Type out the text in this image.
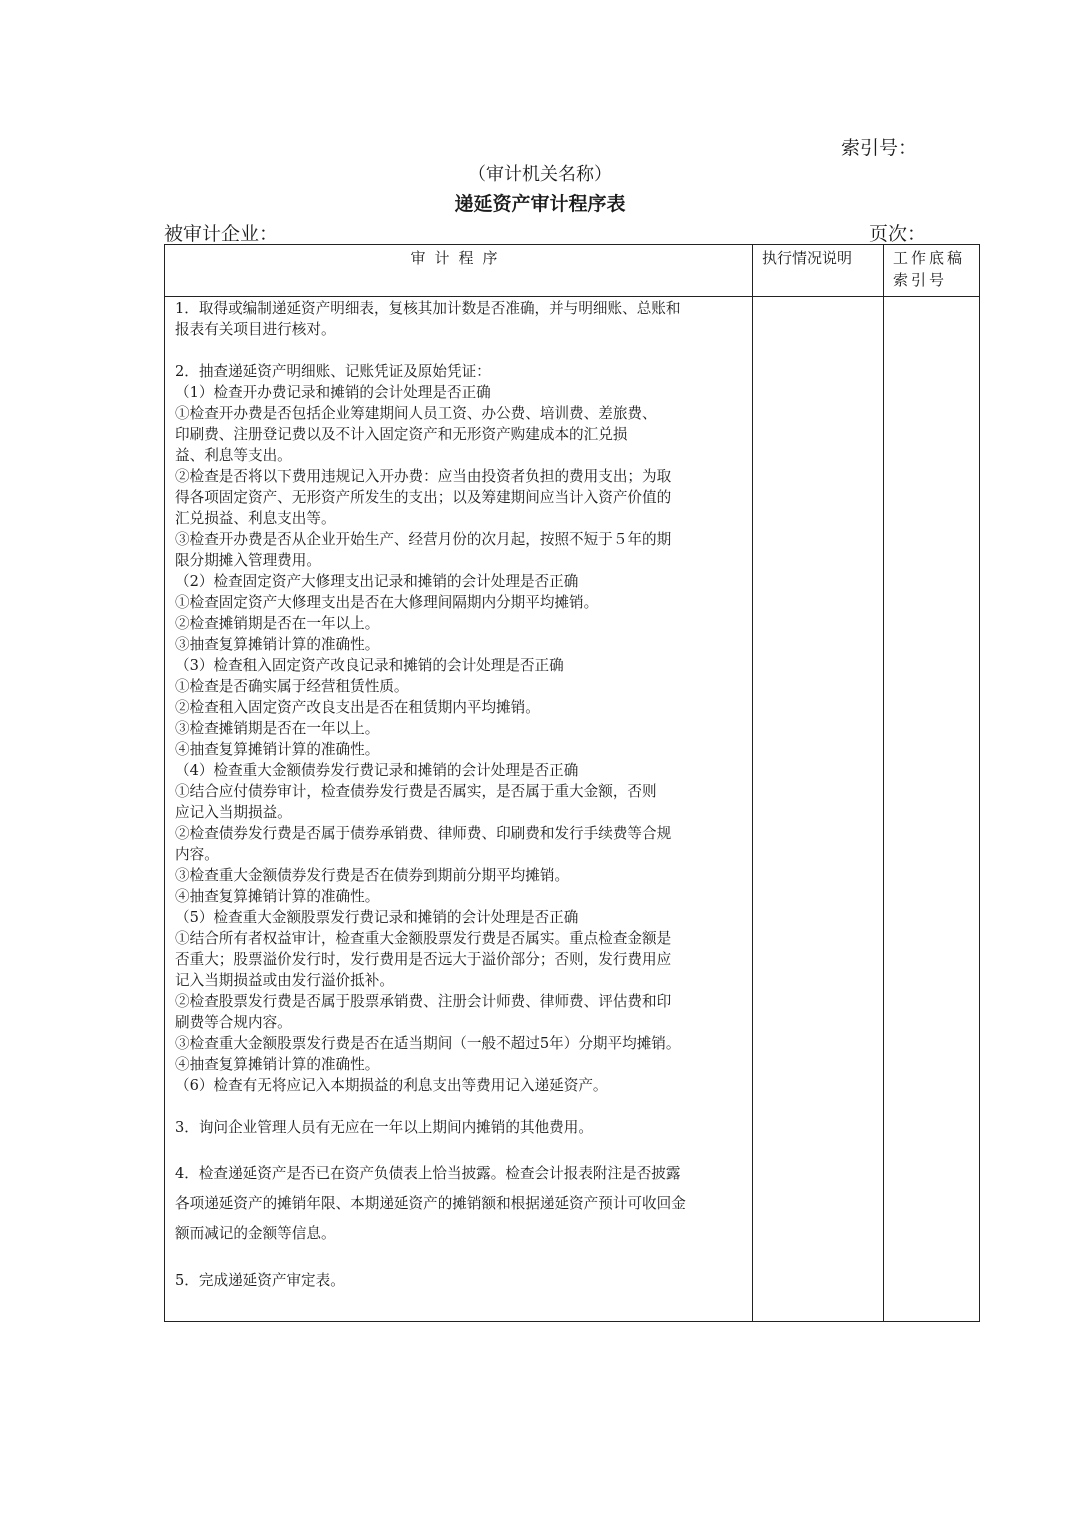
索引号：
（审计机关名称）
递延资产审计程序表
被审计企业：	页次：
审计程序	执行情况说明	工作底稿索引号

1．取得或编制递延资产明细表，复核其加计数是否准确，并与明细账、总账和

报表有关项目进行核对。

2．抽查递延资产明细账、记账凭证及原始凭证：

（1）检查开办费记录和摊销的会计处理是否正确

①检查开办费是否包括企业筹建期间人员工资、办公费、培训费、差旅费、

印刷费、注册登记费以及不计入固定资产和无形资产购建成本的汇兑损

益、利息等支出。

②检查是否将以下费用违规记入开办费：应当由投资者负担的费用支出；为取

得各项固定资产、无形资产所发生的支出；以及筹建期间应当计入资产价值的

汇兑损益、利息支出等。

③检查开办费是否从企业开始生产、经营月份的次月起，按照不短于５年的期

限分期摊入管理费用。

（2）检查固定资产大修理支出记录和摊销的会计处理是否正确

①检查固定资产大修理支出是否在大修理间隔期内分期平均摊销。

②检查摊销期是否在一年以上。

③抽查复算摊销计算的准确性。

（3）检查租入固定资产改良记录和摊销的会计处理是否正确

①检查是否确实属于经营租赁性质。

②检查租入固定资产改良支出是否在租赁期内平均摊销。

③检查摊销期是否在一年以上。

④抽查复算摊销计算的准确性。

（4）检查重大金额债券发行费记录和摊销的会计处理是否正确

①结合应付债券审计，检查债券发行费是否属实，是否属于重大金额，否则

应记入当期损益。

②检查债券发行费是否属于债券承销费、律师费、印刷费和发行手续费等合规

内容。

③检查重大金额债券发行费是否在债券到期前分期平均摊销。

④抽查复算摊销计算的准确性。

（5）检查重大金额股票发行费记录和摊销的会计处理是否正确

①结合所有者权益审计，检查重大金额股票发行费是否属实。重点检查金额是

否重大；股票溢价发行时，发行费用是否远大于溢价部分；否则，发行费用应

记入当期损益或由发行溢价抵补。

②检查股票发行费是否属于股票承销费、注册会计师费、律师费、评估费和印

刷费等合规内容。

③检查重大金额股票发行费是否在适当期间（一般不超过5年）分期平均摊销。

④抽查复算摊销计算的准确性。

（6）检查有无将应记入本期损益的利息支出等费用记入递延资产。

3．询问企业管理人员有无应在一年以上期间内摊销的其他费用。

4．检查递延资产是否已在资产负债表上恰当披露。检查会计报表附注是否披露

各项递延资产的摊销年限、本期递延资产的摊销额和根据递延资产预计可收回金

额而减记的金额等信息。

5．完成递延资产审定表。
